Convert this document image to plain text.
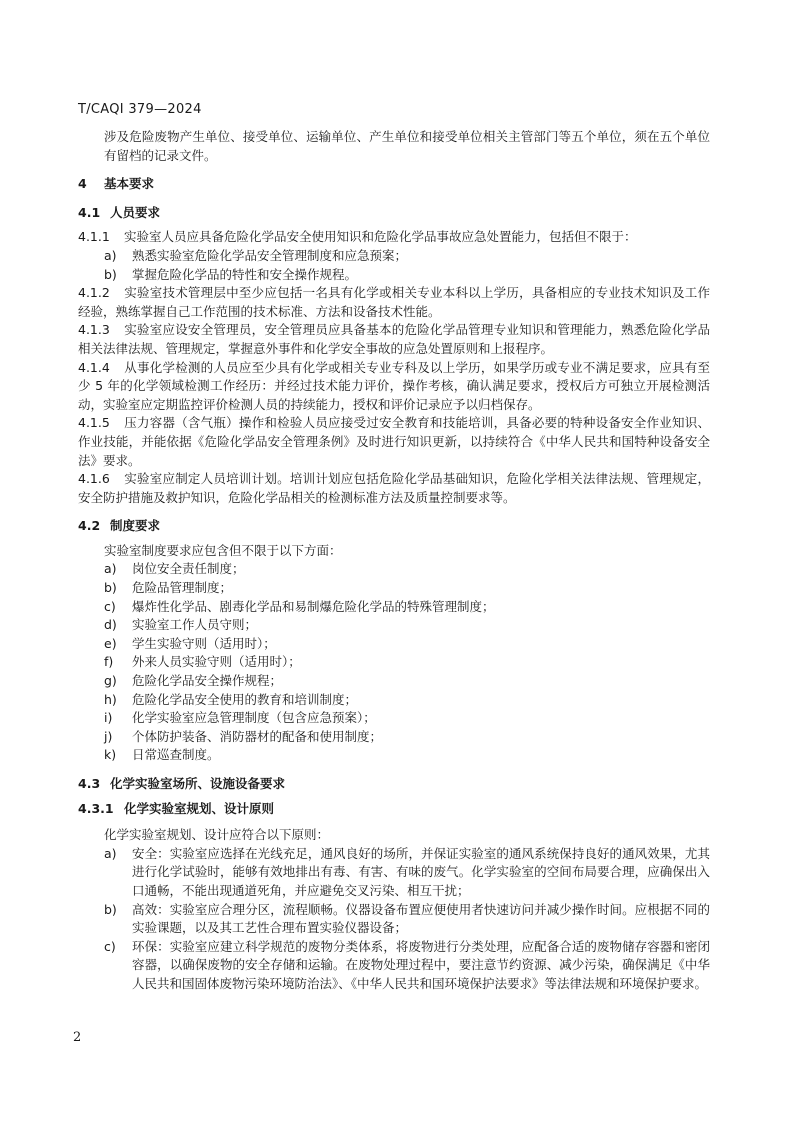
T/CAQI 379—2024

涉及危险废物产生单位、接受单位、运输单位、产生单位和接受单位相关主管部门等五个单位，须在五个单位有留档的记录文件。

4 基本要求

4.1 人员要求

4.1.1 实验室人员应具备危险化学品安全使用知识和危险化学品事故应急处置能力，包括但不限于：

a)	熟悉实验室危险化学品安全管理制度和应急预案；
b)	掌握危险化学品的特性和安全操作规程。

4.1.2 实验室技术管理层中至少应包括一名具有化学或相关专业本科以上学历，具备相应的专业技术知识及工作经验，熟练掌握自己工作范围的技术标准、方法和设备技术性能。

4.1.3 实验室应设安全管理员，安全管理员应具备基本的危险化学品管理专业知识和管理能力，熟悉危险化学品相关法律法规、管理规定，掌握意外事件和化学安全事故的应急处置原则和上报程序。

4.1.4 从事化学检测的人员应至少具有化学或相关专业专科及以上学历，如果学历或专业不满足要求，应具有至少 5 年的化学领域检测工作经历：并经过技术能力评价，操作考核，确认满足要求，授权后方可独立开展检测活动，实验室应定期监控评价检测人员的持续能力，授权和评价记录应予以归档保存。

4.1.5 压力容器（含气瓶）操作和检验人员应接受过安全教育和技能培训，具备必要的特种设备安全作业知识、作业技能，并能依据《危险化学品安全管理条例》及时进行知识更新，以持续符合《中华人民共和国特种设备安全法》要求。

4.1.6 实验室应制定人员培训计划。培训计划应包括危险化学品基础知识，危险化学相关法律法规、管理规定，安全防护措施及救护知识，危险化学品相关的检测标准方法及质量控制要求等。

4.2 制度要求

实验室制度要求应包含但不限于以下方面：

a)	岗位安全责任制度；
b)	危险品管理制度；
c)	爆炸性化学品、剧毒化学品和易制爆危险化学品的特殊管理制度；
d)	实验室工作人员守则；
e)	学生实验守则（适用时）；
f)	外来人员实验守则（适用时）；
g)	危险化学品安全操作规程；
h)	危险化学品安全使用的教育和培训制度；
i)	化学实验室应急管理制度（包含应急预案）；
j)	个体防护装备、消防器材的配备和使用制度；
k)	日常巡查制度。

4.3 化学实验室场所、设施设备要求

4.3.1 化学实验室规划、设计原则

化学实验室规划、设计应符合以下原则：

a)	安全：实验室应选择在光线充足，通风良好的场所，并保证实验室的通风系统保持良好的通风效果，尤其进行化学试验时，能够有效地排出有毒、有害、有味的废气。化学实验室的空间布局要合理，应确保出入口通畅，不能出现通道死角，并应避免交叉污染、相互干扰；
b)	高效：实验室应合理分区，流程顺畅。仪器设备布置应便使用者快速访问并减少操作时间。应根据不同的实验课题，以及其工艺性合理布置实验仪器设备；
c)	环保：实验室应建立科学规范的废物分类体系，将废物进行分类处理，应配备合适的废物储存容器和密闭容器，以确保废物的安全存储和运输。在废物处理过程中，要注意节约资源、减少污染，确保满足《中华人民共和国固体废物污染环境防治法》、《中华人民共和国环境保护法要求》等法律法规和环境保护要求。
2
